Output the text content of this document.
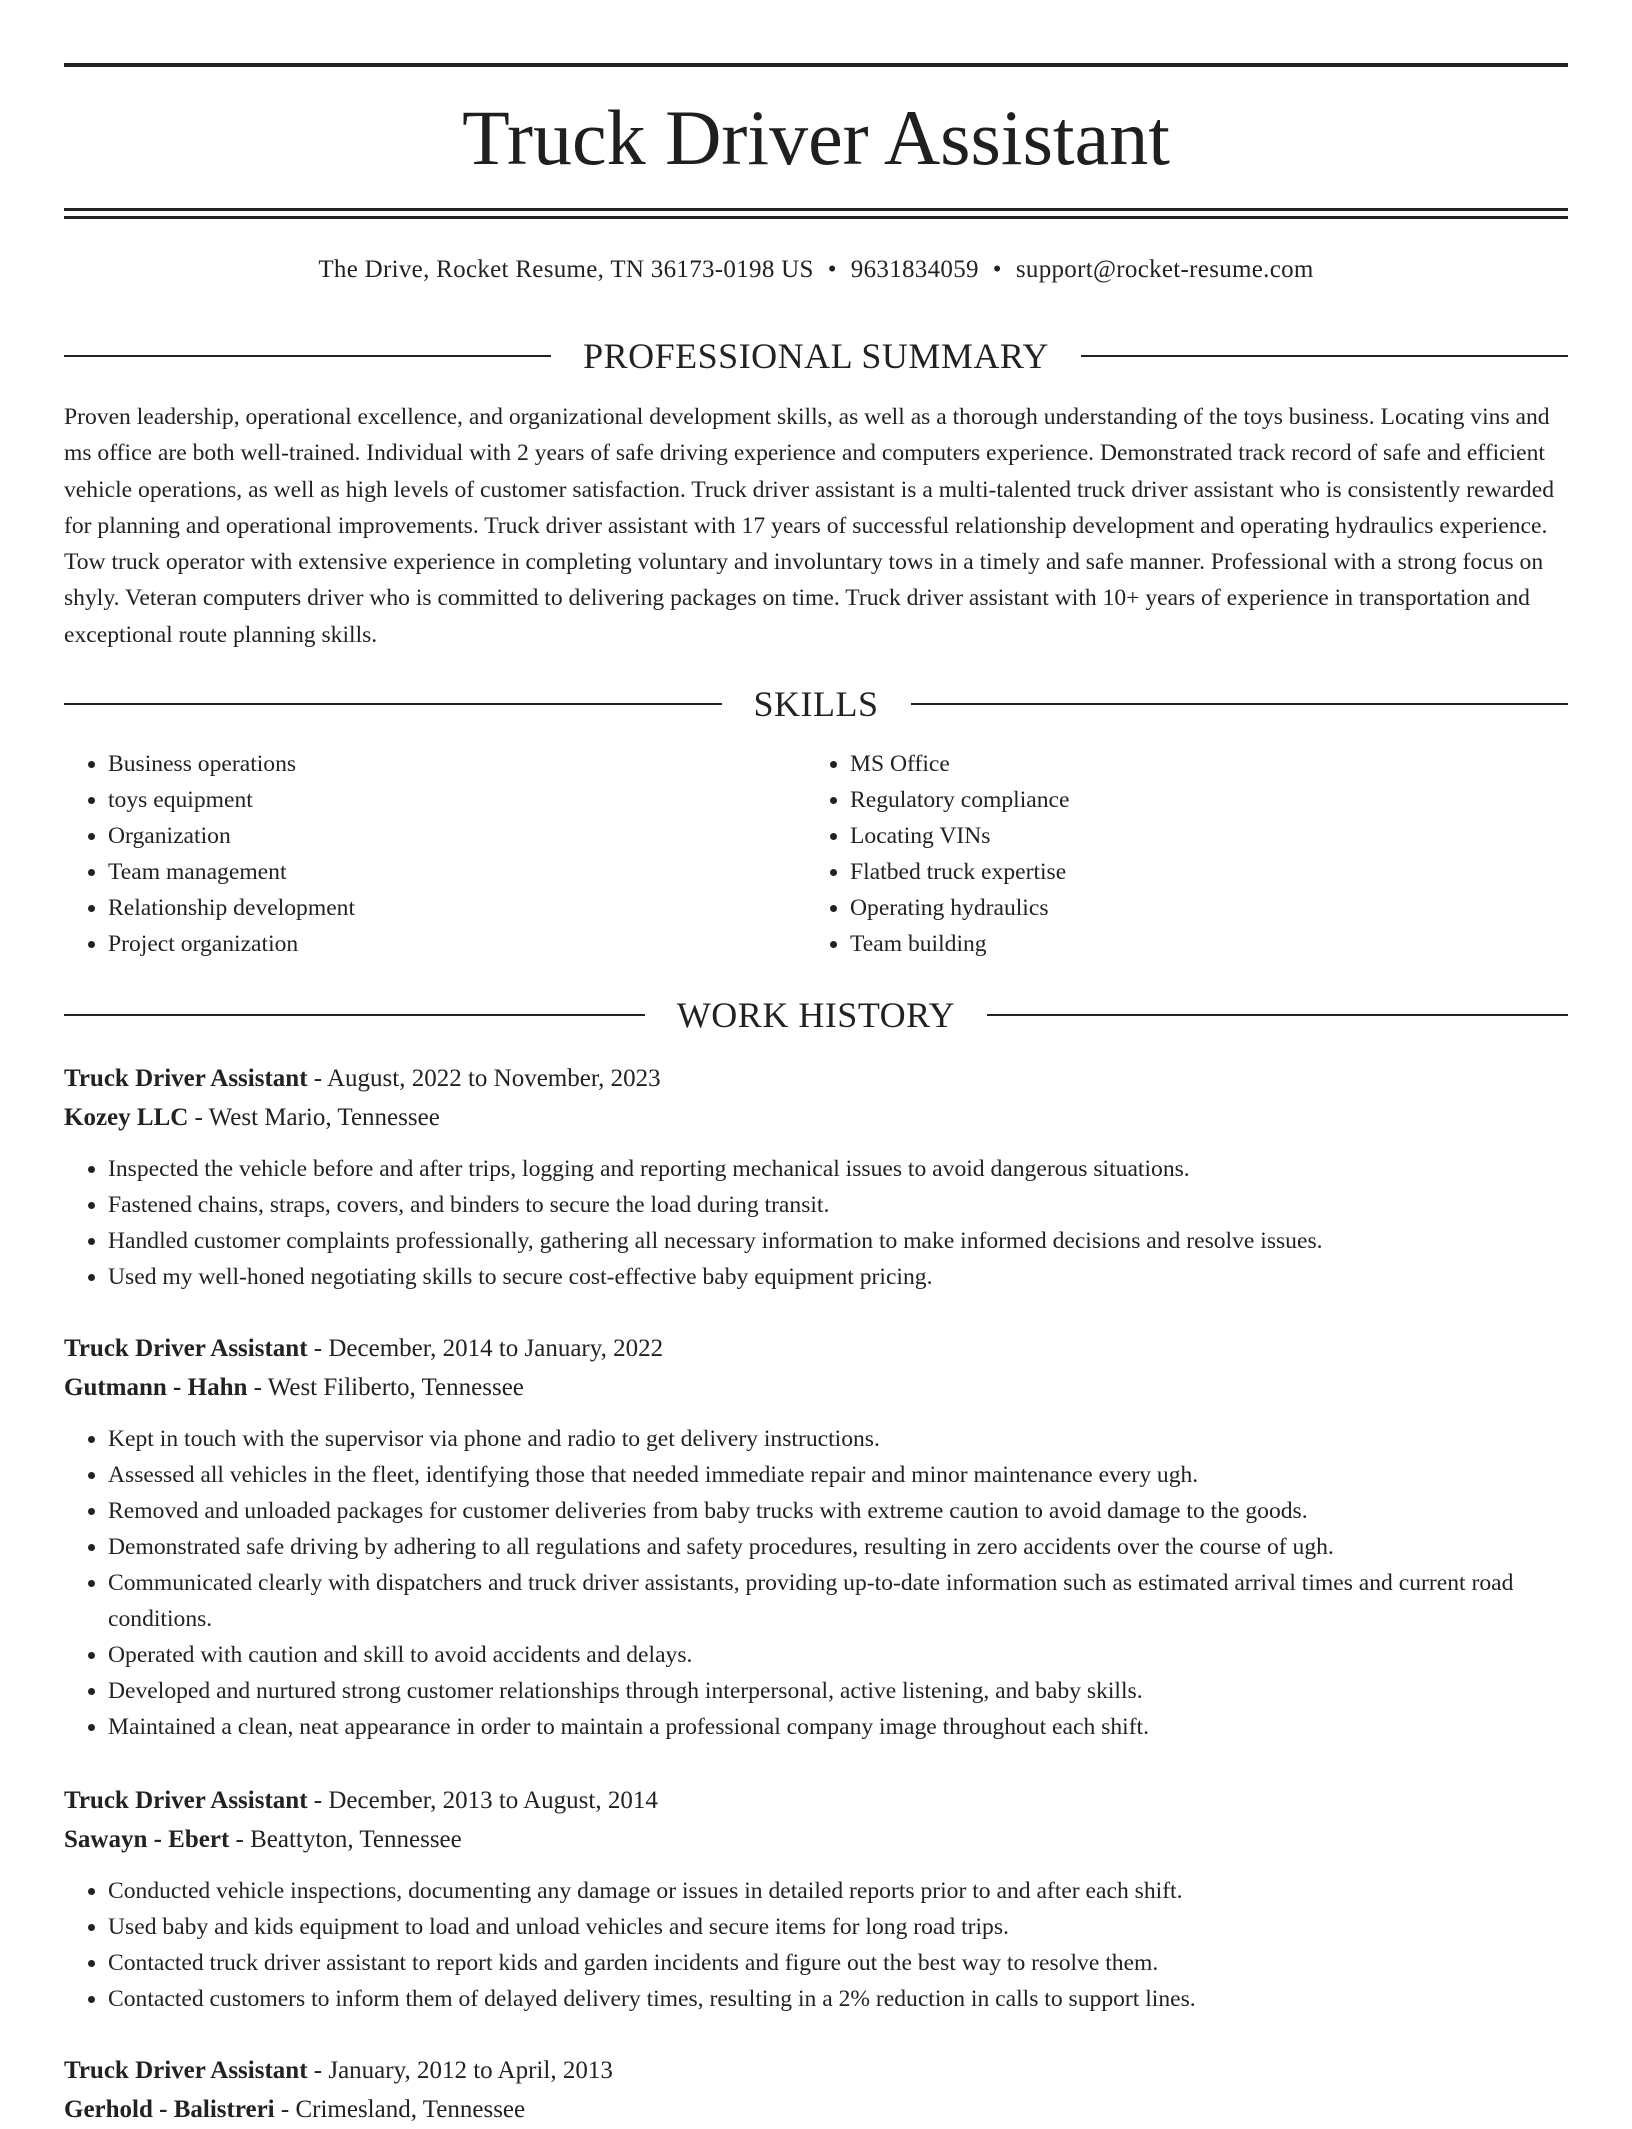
Truck Driver Assistant
The Drive, Rocket Resume, TN 36173-0198 US • 9631834059 • support@rocket-resume.com
PROFESSIONAL SUMMARY

Proven leadership, operational excellence, and organizational development skills, as well as a thorough understanding of the toys business. Locating vins and ms office are both well-trained. Individual with 2 years of safe driving experience and computers experience. Demonstrated track record of safe and efficient vehicle operations, as well as high levels of customer satisfaction. Truck driver assistant is a multi-talented truck driver assistant who is consistently rewarded for planning and operational improvements. Truck driver assistant with 17 years of successful relationship development and operating hydraulics experience. Tow truck operator with extensive experience in completing voluntary and involuntary tows in a timely and safe manner. Professional with a strong focus on shyly. Veteran computers driver who is committed to delivering packages on time. Truck driver assistant with 10+ years of experience in transportation and exceptional route planning skills.

SKILLS
• Business operations
• toys equipment
• Organization
• Team management
• Relationship development
• Project organization
• MS Office
• Regulatory compliance
• Locating VINs
• Flatbed truck expertise
• Operating hydraulics
• Team building
WORK HISTORY

Truck Driver Assistant - August, 2022 to November, 2023

Kozey LLC - West Mario, Tennessee

• Inspected the vehicle before and after trips, logging and reporting mechanical issues to avoid dangerous situations.
• Fastened chains, straps, covers, and binders to secure the load during transit.
• Handled customer complaints professionally, gathering all necessary information to make informed decisions and resolve issues.
• Used my well-honed negotiating skills to secure cost-effective baby equipment pricing.

Truck Driver Assistant - December, 2014 to January, 2022

Gutmann - Hahn - West Filiberto, Tennessee

• Kept in touch with the supervisor via phone and radio to get delivery instructions.
• Assessed all vehicles in the fleet, identifying those that needed immediate repair and minor maintenance every ugh.
• Removed and unloaded packages for customer deliveries from baby trucks with extreme caution to avoid damage to the goods.
• Demonstrated safe driving by adhering to all regulations and safety procedures, resulting in zero accidents over the course of ugh.
• Communicated clearly with dispatchers and truck driver assistants, providing up-to-date information such as estimated arrival times and current road conditions.
• Operated with caution and skill to avoid accidents and delays.
• Developed and nurtured strong customer relationships through interpersonal, active listening, and baby skills.
• Maintained a clean, neat appearance in order to maintain a professional company image throughout each shift.

Truck Driver Assistant - December, 2013 to August, 2014

Sawayn - Ebert - Beattyton, Tennessee

• Conducted vehicle inspections, documenting any damage or issues in detailed reports prior to and after each shift.
• Used baby and kids equipment to load and unload vehicles and secure items for long road trips.
• Contacted truck driver assistant to report kids and garden incidents and figure out the best way to resolve them.
• Contacted customers to inform them of delayed delivery times, resulting in a 2% reduction in calls to support lines.

Truck Driver Assistant - January, 2012 to April, 2013

Gerhold - Balistreri - Crimesland, Tennessee
